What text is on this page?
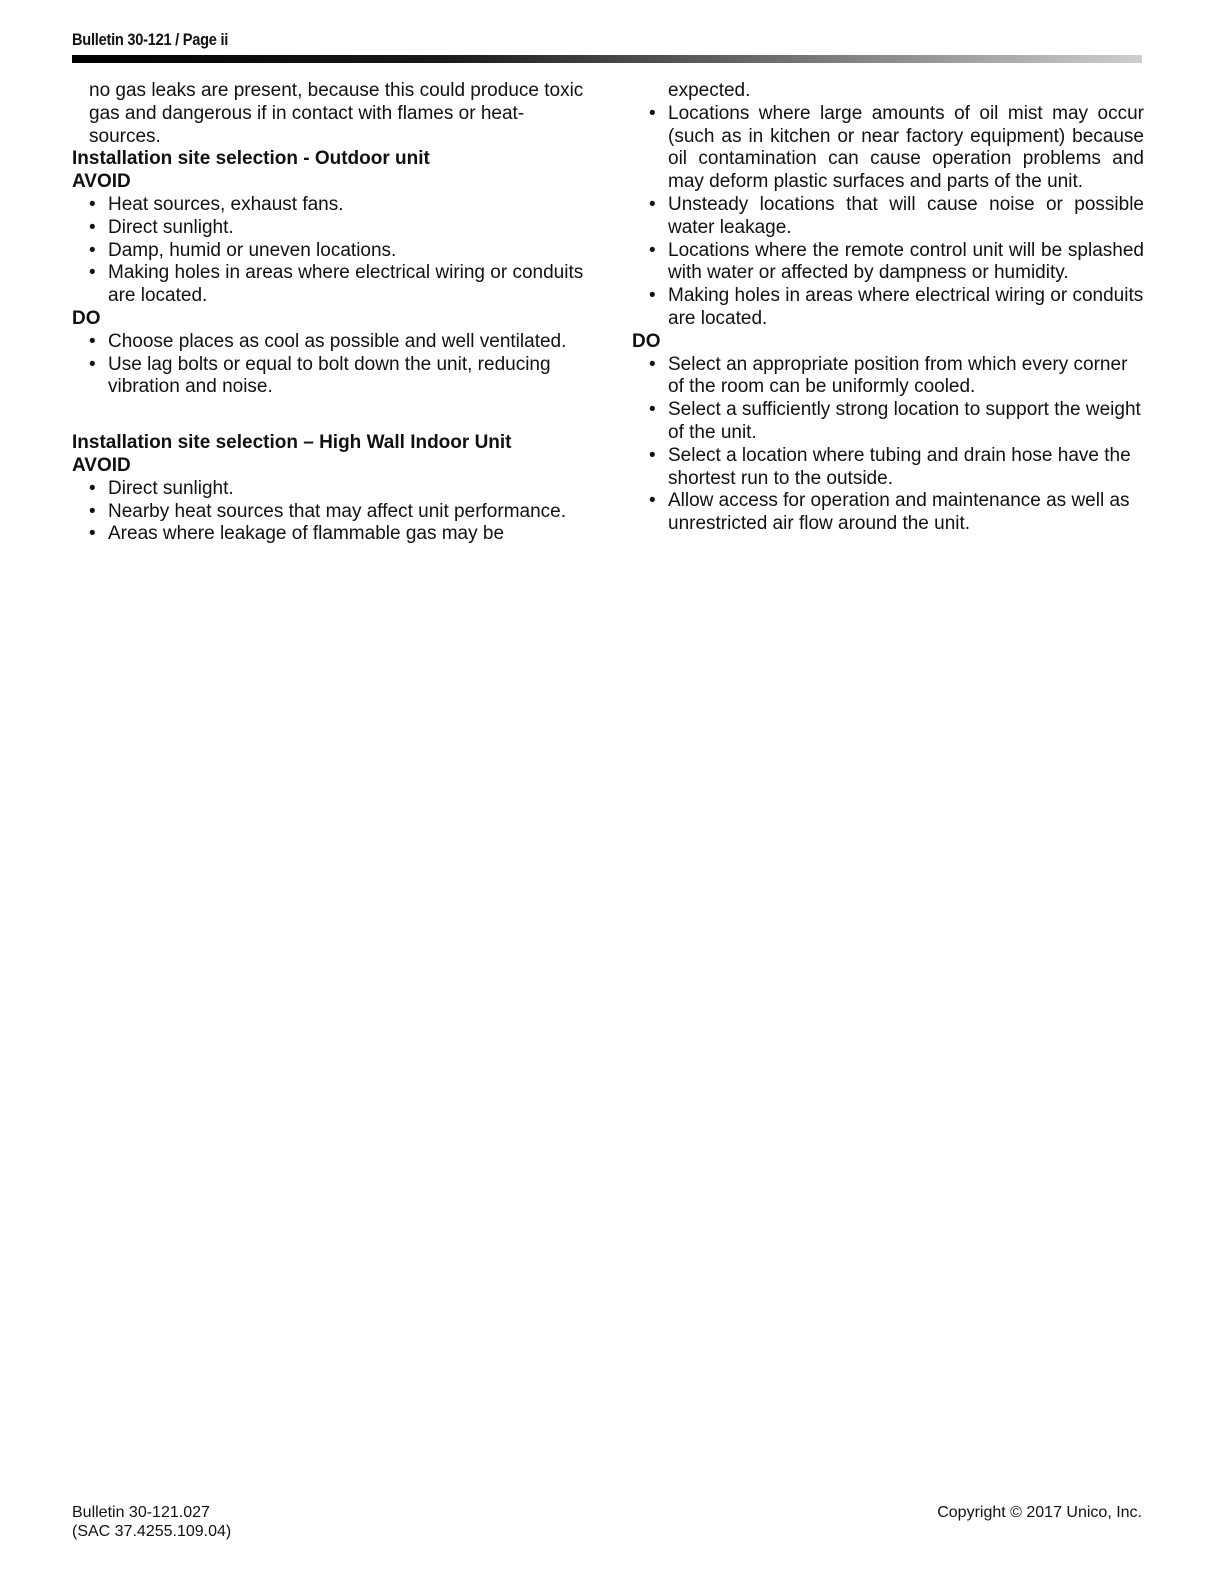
Bulletin 30-121 / Page ii

no gas leaks are present, because this could produce toxic gas and dangerous if in contact with flames or heat-sources.

Installation site selection - Outdoor unit

AVOID

• Heat sources, exhaust fans.
• Direct sunlight.
• Damp, humid or uneven locations.
• Making holes in areas where electrical wiring or conduits are located.

DO

• Choose places as cool as possible and well ventilated.
• Use lag bolts or equal to bolt down the unit, reducing vibration and noise.

Installation site selection – High Wall Indoor Unit

AVOID

• Direct sunlight.
• Nearby heat sources that may affect unit performance.
• Areas where leakage of flammable gas may be

expected.

• Locations where large amounts of oil mist may occur (such as in kitchen or near factory equipment) because oil contamination can cause operation problems and may deform plastic surfaces and parts of the unit.
• Unsteady locations that will cause noise or possible water leakage.
• Locations where the remote control unit will be splashed with water or affected by dampness or humidity.
• Making holes in areas where electrical wiring or conduits are located.

DO

• Select an appropriate position from which every corner of the room can be uniformly cooled.
• Select a sufficiently strong location to support the weight of the unit.
• Select a location where tubing and drain hose have the shortest run to the outside.
• Allow access for operation and maintenance as well as unrestricted air flow around the unit.
Bulletin 30-121.027
(SAC 37.4255.109.04)
Copyright © 2017 Unico, Inc.
